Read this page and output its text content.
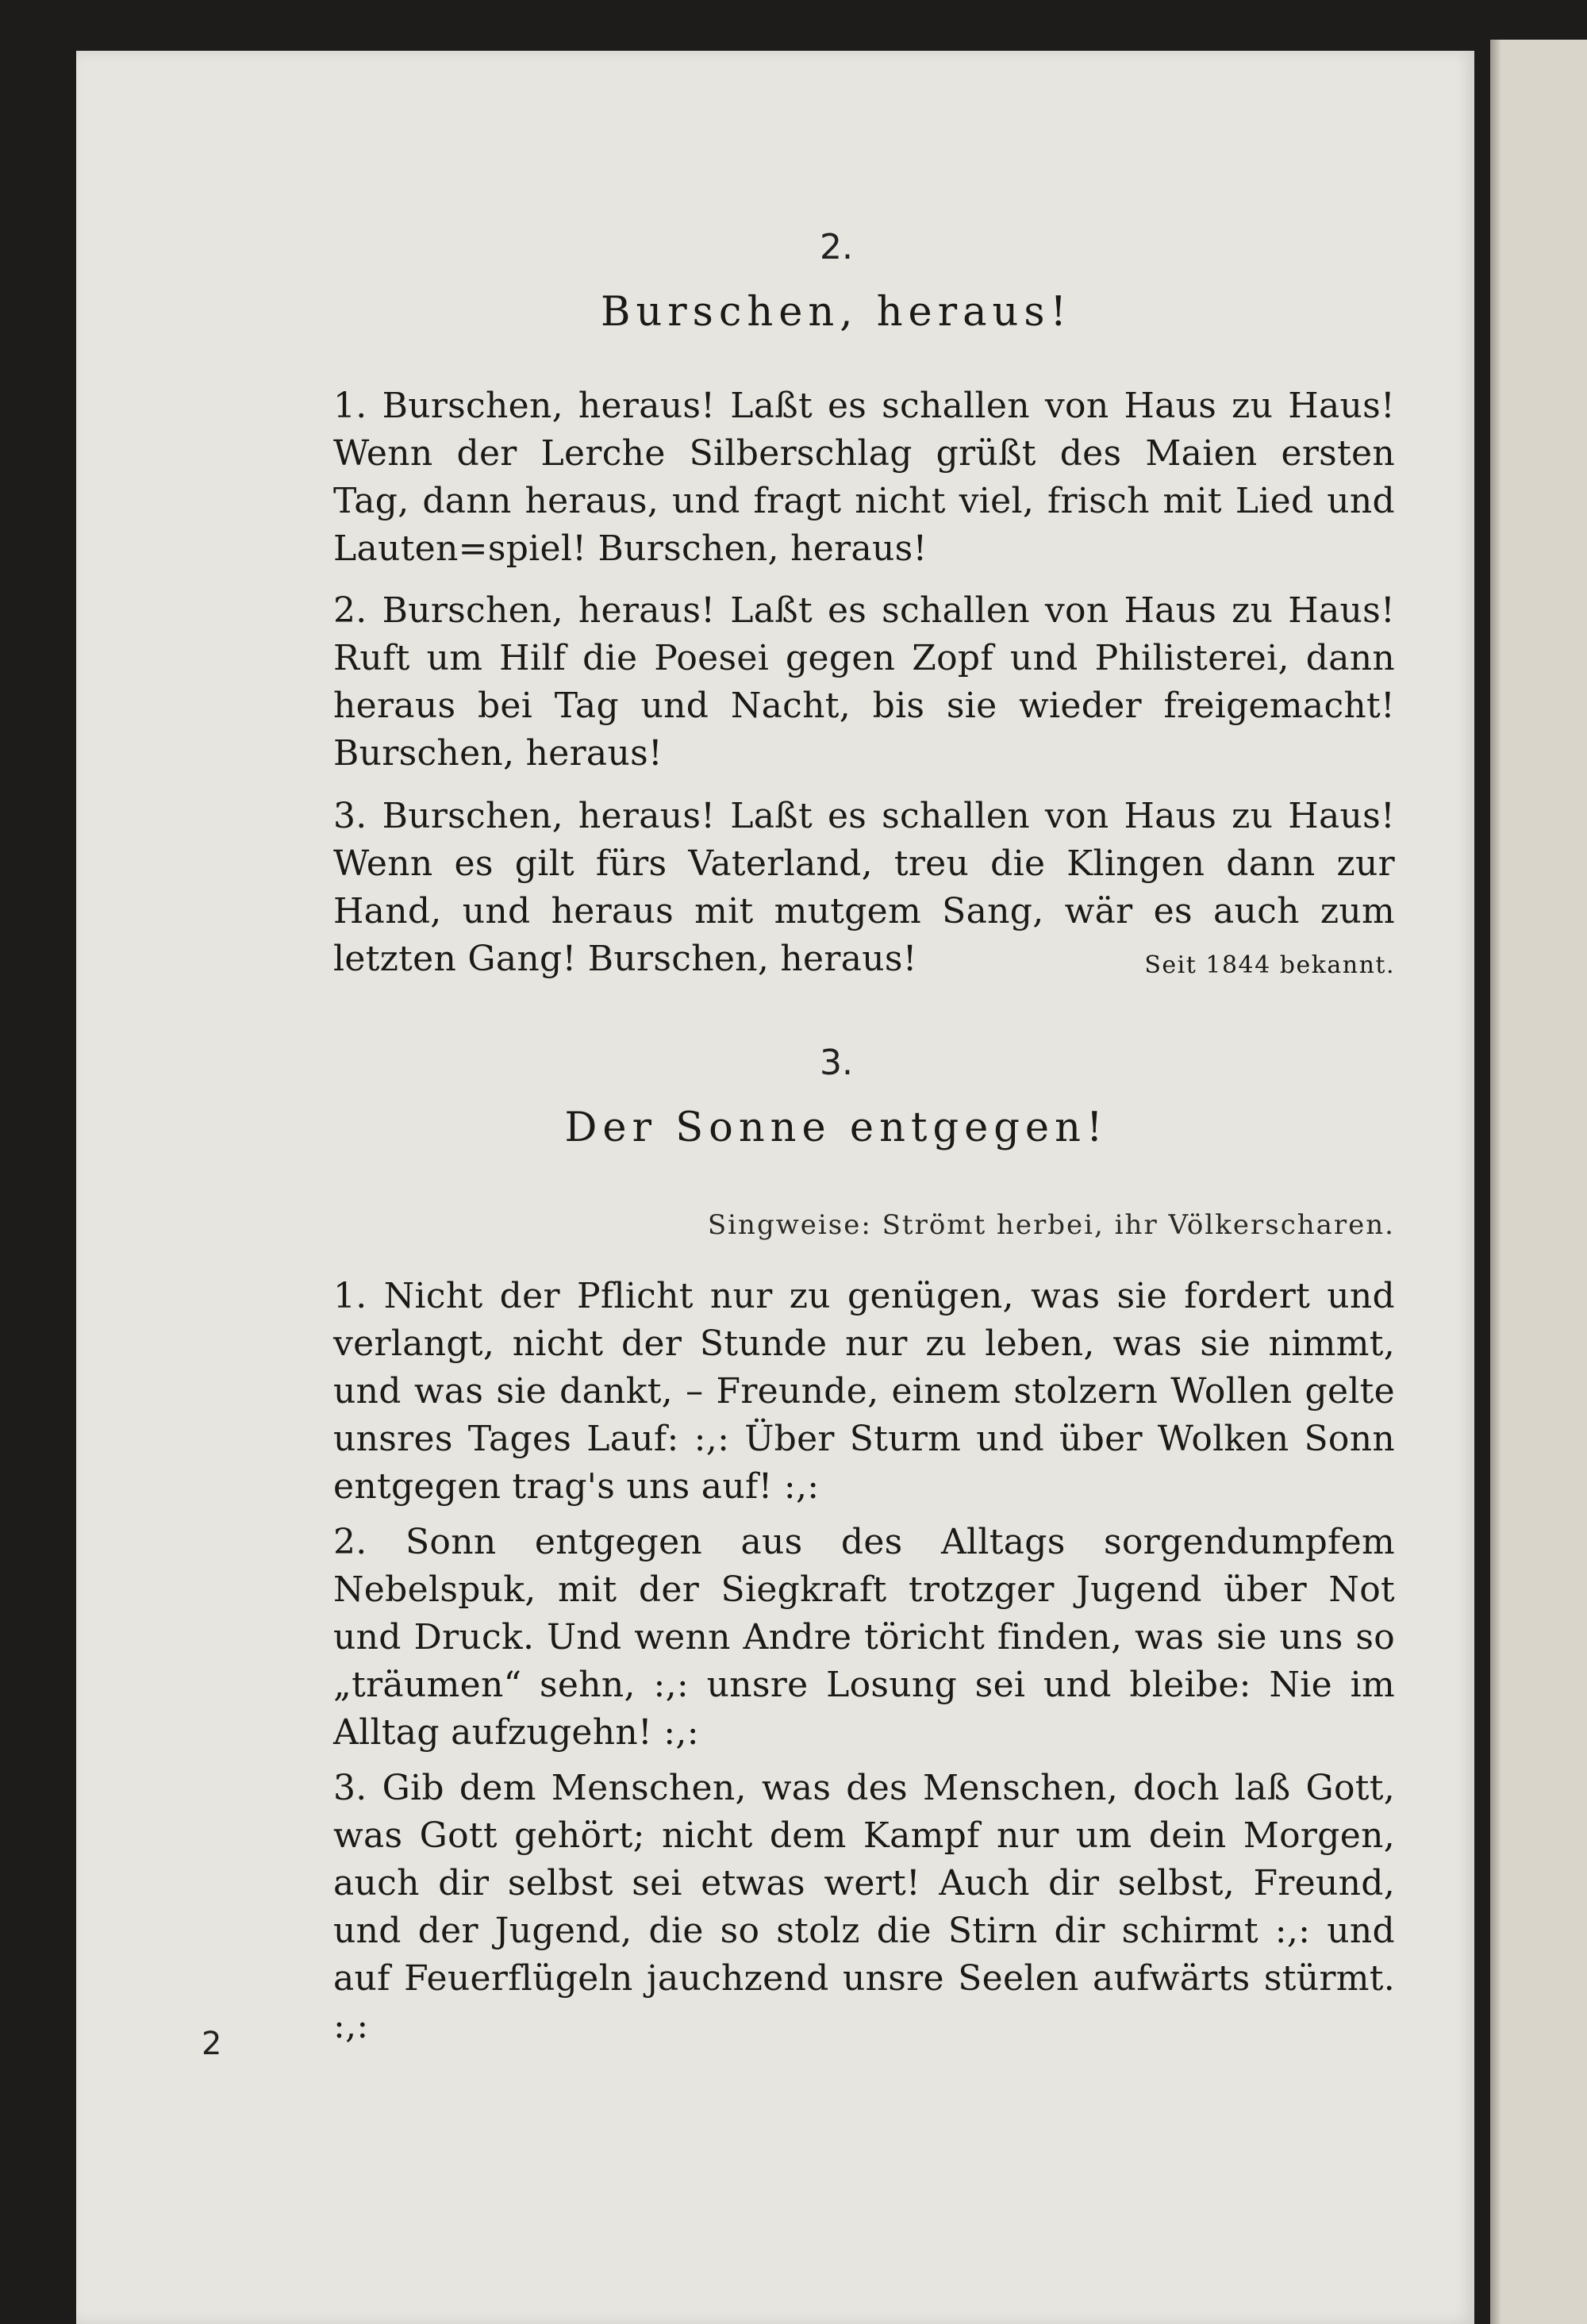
2.
Burschen, heraus!
1. Burschen, heraus! Laßt es schallen von Haus zu Haus! Wenn der Lerche Silberschlag grüßt des Maien ersten Tag, dann heraus, und fragt nicht viel, frisch mit Lied und Lauten=spiel! Burschen, heraus!
2. Burschen, heraus! Laßt es schallen von Haus zu Haus! Ruft um Hilf die Poesei gegen Zopf und Philisterei, dann heraus bei Tag und Nacht, bis sie wieder freigemacht! Burschen, heraus!
3. Burschen, heraus! Laßt es schallen von Haus zu Haus! Wenn es gilt fürs Vaterland, treu die Klingen dann zur Hand, und heraus mit mutgem Sang, wär es auch zum letzten Gang! Burschen, heraus!	Seit 1844 bekannt.
3.
Der Sonne entgegen!
Singweise: Strömt herbei, ihr Völkerscharen.
1. Nicht der Pflicht nur zu genügen, was sie fordert und verlangt, nicht der Stunde nur zu leben, was sie nimmt, und was sie dankt, – Freunde, einem stolzern Wollen gelte unsres Tages Lauf: :,: Über Sturm und über Wolken Sonn entgegen trag's uns auf! :,:
2. Sonn entgegen aus des Alltags sorgendumpfem Nebelspuk, mit der Siegkraft trotzger Jugend über Not und Druck. Und wenn Andre töricht finden, was sie uns so „träumen“ sehn, :,: unsre Losung sei und bleibe: Nie im Alltag aufzugehn! :,:
3. Gib dem Menschen, was des Menschen, doch laß Gott, was Gott gehört; nicht dem Kampf nur um dein Morgen, auch dir selbst sei etwas wert! Auch dir selbst, Freund, und der Jugend, die so stolz die Stirn dir schirmt :,: und auf Feuerflügeln jauchzend unsre Seelen aufwärts stürmt. :,:
2
